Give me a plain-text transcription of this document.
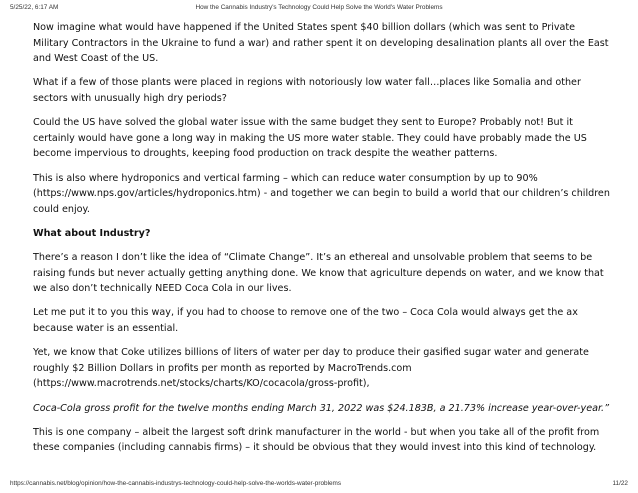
5/25/22, 6:17 AM	How the Cannabis Industry's Technology Could Help Solve the World's Water Problems

Now imagine what would have happened if the United States spent $40 billion dollars (which was sent to Private Military Contractors in the Ukraine to fund a war) and rather spent it on developing desalination plants all over the East and West Coast of the US.

What if a few of those plants were placed in regions with notoriously low water fall…places like Somalia and other sectors with unusually high dry periods?

Could the US have solved the global water issue with the same budget they sent to Europe? Probably not! But it certainly would have gone a long way in making the US more water stable. They could have probably made the US become impervious to droughts, keeping food production on track despite the weather patterns.

This is also where hydroponics and vertical farming – which can reduce water consumption by up to 90% (https://www.nps.gov/articles/hydroponics.htm) - and together we can begin to build a world that our children’s children could enjoy.

What about Industry?

There’s a reason I don’t like the idea of “Climate Change”. It’s an ethereal and unsolvable problem that seems to be raising funds but never actually getting anything done. We know that agriculture depends on water, and we know that we also don’t technically NEED Coca Cola in our lives.

Let me put it to you this way, if you had to choose to remove one of the two – Coca Cola would always get the ax because water is an essential.

Yet, we know that Coke utilizes billions of liters of water per day to produce their gasified sugar water and generate roughly $2 Billion Dollars in profits per month as reported by MacroTrends.com (https://www.macrotrends.net/stocks/charts/KO/cocacola/gross-profit),

Coca-Cola gross profit for the twelve months ending March 31, 2022 was $24.183B, a 21.73% increase year-over-year.”

This is one company – albeit the largest soft drink manufacturer in the world - but when you take all of the profit from these companies (including cannabis firms) – it should be obvious that they would invest into this kind of technology.

https://cannabis.net/blog/opinion/how-the-cannabis-industrys-technology-could-help-solve-the-worlds-water-problems	11/22
